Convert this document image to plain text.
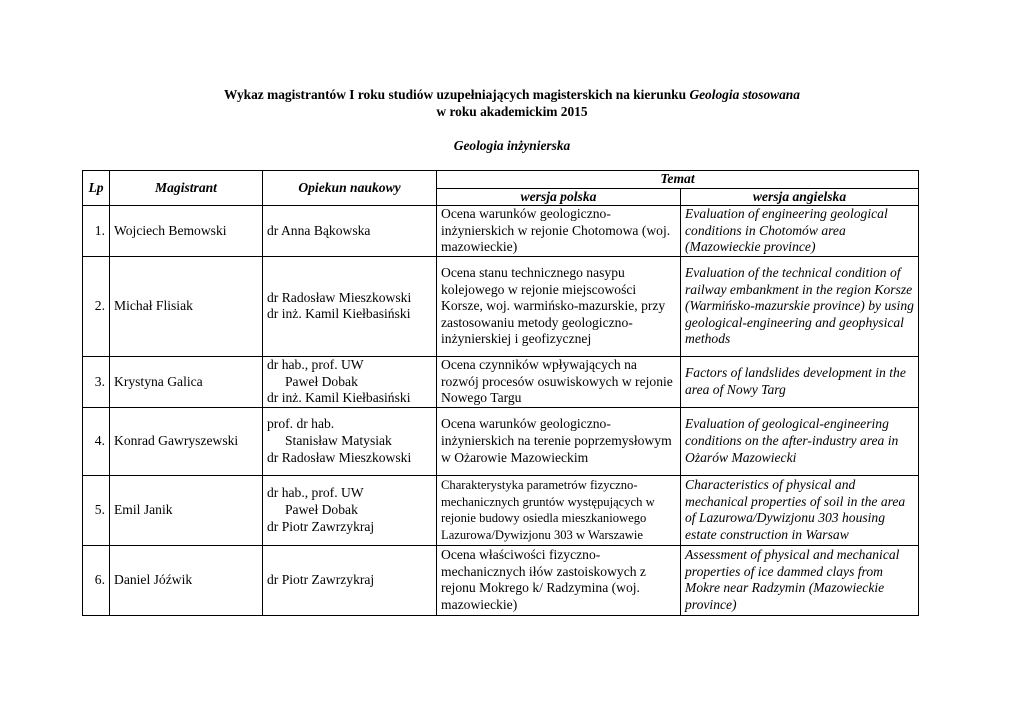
Wykaz magistrantów I roku studiów uzupełniających magisterskich na kierunku Geologia stosowana
w roku akademickim 2015
Geologia inżynierska
Lp	Magistrant	Opiekun naukowy	Temat	
			wersja polska	wersja angielska
1.	Wojciech Bemowski	dr Anna Bąkowska	Ocena warunków geologiczno-inżynierskich w rejonie Chotomowa (woj. mazowieckie)	Evaluation of engineering geological conditions in Chotomów area (Mazowieckie province)
2.	Michał Flisiak	dr Radosław Mieszkowski
dr inż. Kamil Kiełbasiński	Ocena stanu technicznego nasypu kolejowego w rejonie miejscowości Korsze, woj. warmińsko-mazurskie, przy zastosowaniu metody geologiczno-inżynierskiej i geofizycznej	Evaluation of the technical condition of railway embankment in the region Korsze (Warmińsko-mazurskie province) by using geological-engineering and geophysical methods
3.	Krystyna Galica	dr hab., prof. UW
Paweł Dobak
dr inż. Kamil Kiełbasiński	Ocena czynników wpływających na rozwój procesów osuwiskowych w rejonie Nowego Targu	Factors of landslides development in the area of Nowy Targ
4.	Konrad Gawryszewski	prof. dr hab.
Stanisław Matysiak
dr Radosław Mieszkowski	Ocena warunków geologiczno-inżynierskich na terenie poprzemysłowym w Ożarowie Mazowieckim	Evaluation of geological-engineering conditions on the after-industry area in Ożarów Mazowiecki
5.	Emil Janik	dr hab., prof. UW
Paweł Dobak
dr Piotr Zawrzykraj	Charakterystyka parametrów fizyczno-mechanicznych gruntów występujących w rejonie budowy osiedla mieszkaniowego Lazurowa/Dywizjonu 303 w Warszawie	Characteristics of physical and mechanical properties of soil in the area of Lazurowa/Dywizjonu 303 housing estate construction in Warsaw
6.	Daniel Jóźwik	dr Piotr Zawrzykraj	Ocena właściwości fizyczno-mechanicznych iłów zastoiskowych z rejonu Mokrego k/ Radzymina (woj. mazowieckie)	Assessment of physical and mechanical properties of ice dammed clays from Mokre near Radzymin (Mazowieckie province)
